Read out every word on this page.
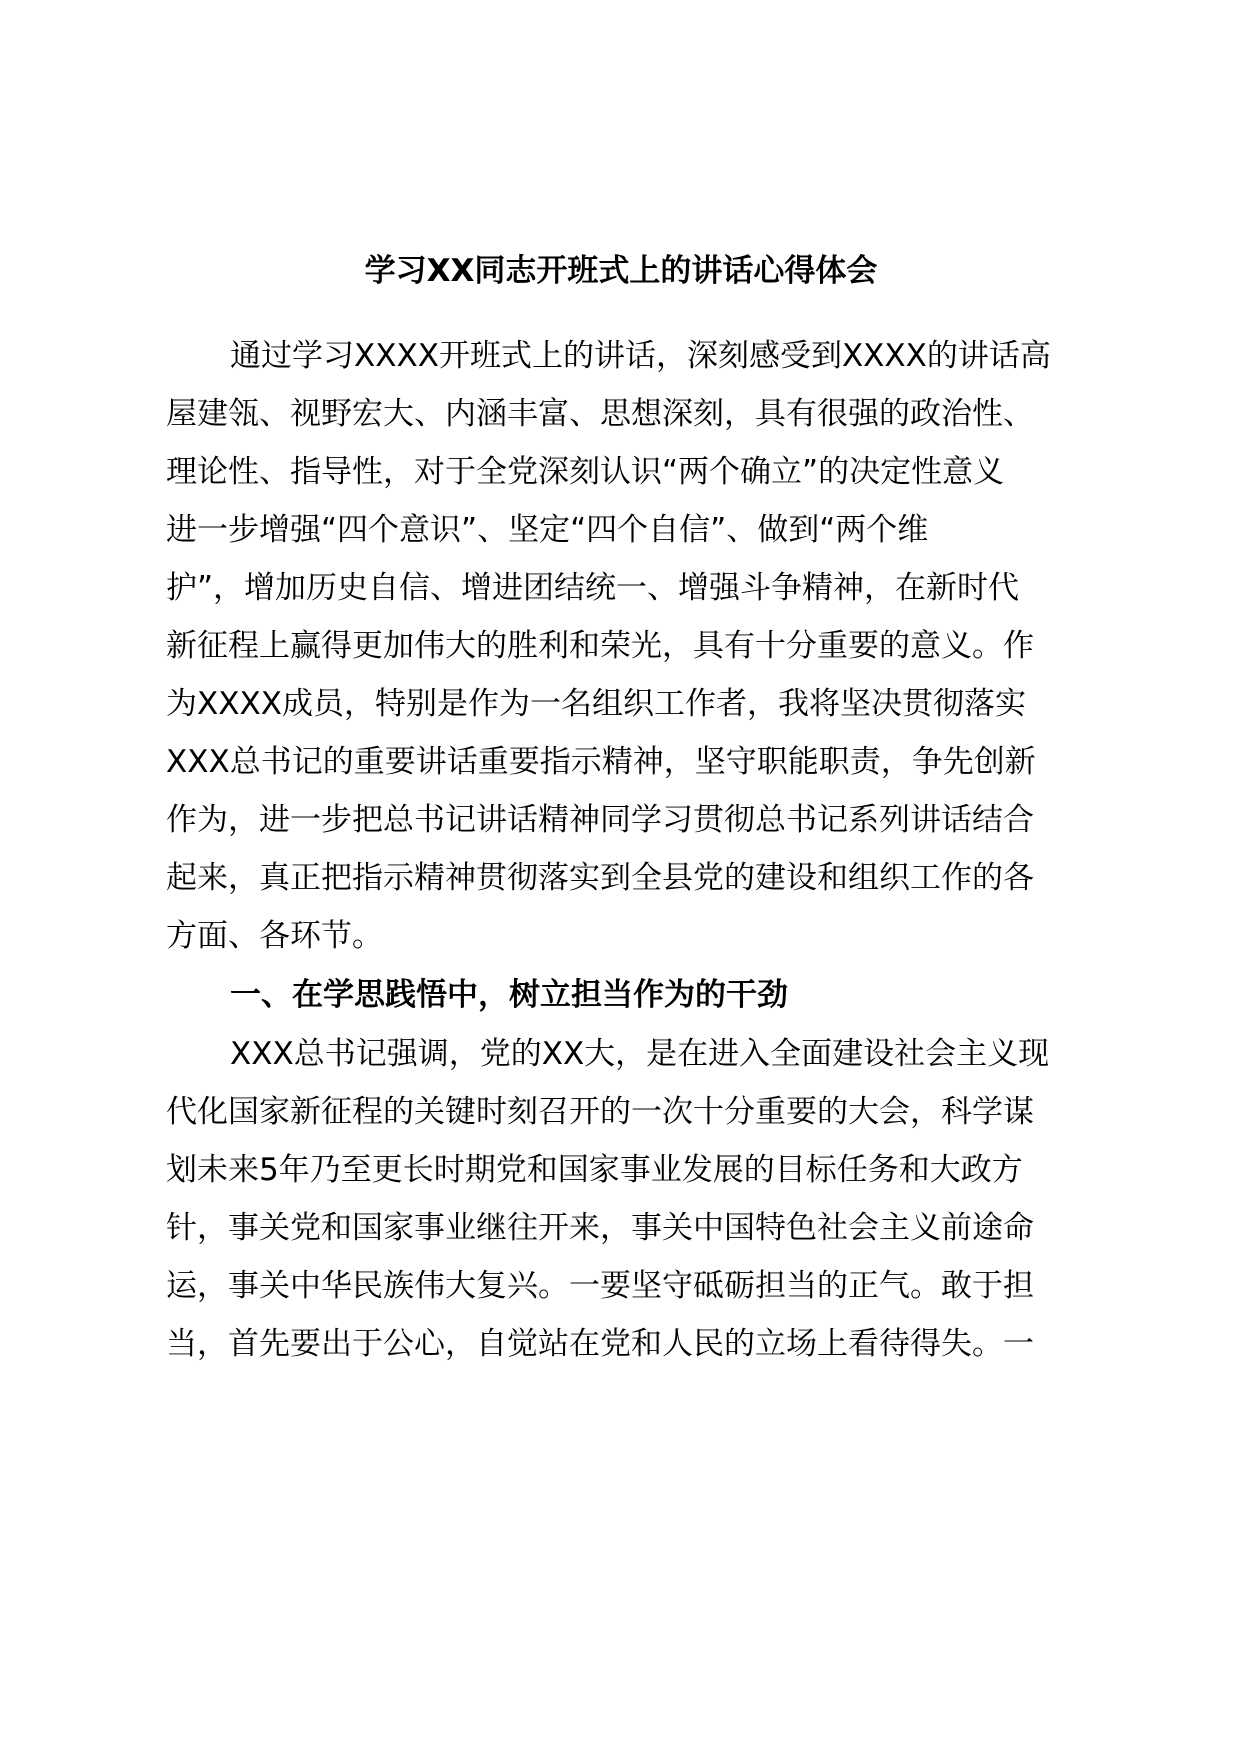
学习XX同志开班式上的讲话心得体会

通过学习XXXX开班式上的讲话，深刻感受到XXXX的讲话高

屋建瓴、视野宏大、内涵丰富、思想深刻，具有很强的政治性、

理论性、指导性，对于全党深刻认识“两个确立”的决定性意义

进一步增强“四个意识”、坚定“四个自信”、做到“两个维

护”，增加历史自信、增进团结统一、增强斗争精神，在新时代

新征程上赢得更加伟大的胜利和荣光，具有十分重要的意义。作

为XXXX成员，特别是作为一名组织工作者，我将坚决贯彻落实

XXX总书记的重要讲话重要指示精神，坚守职能职责，争先创新

作为，进一步把总书记讲话精神同学习贯彻总书记系列讲话结合

起来，真正把指示精神贯彻落实到全县党的建设和组织工作的各

方面、各环节。

一、在学思践悟中，树立担当作为的干劲

XXX总书记强调，党的XX大，是在进入全面建设社会主义现

代化国家新征程的关键时刻召开的一次十分重要的大会，科学谋

划未来5年乃至更长时期党和国家事业发展的目标任务和大政方

针，事关党和国家事业继往开来，事关中国特色社会主义前途命

运，事关中华民族伟大复兴。一要坚守砥砺担当的正气。敢于担

当，首先要出于公心，自觉站在党和人民的立场上看待得失。一
